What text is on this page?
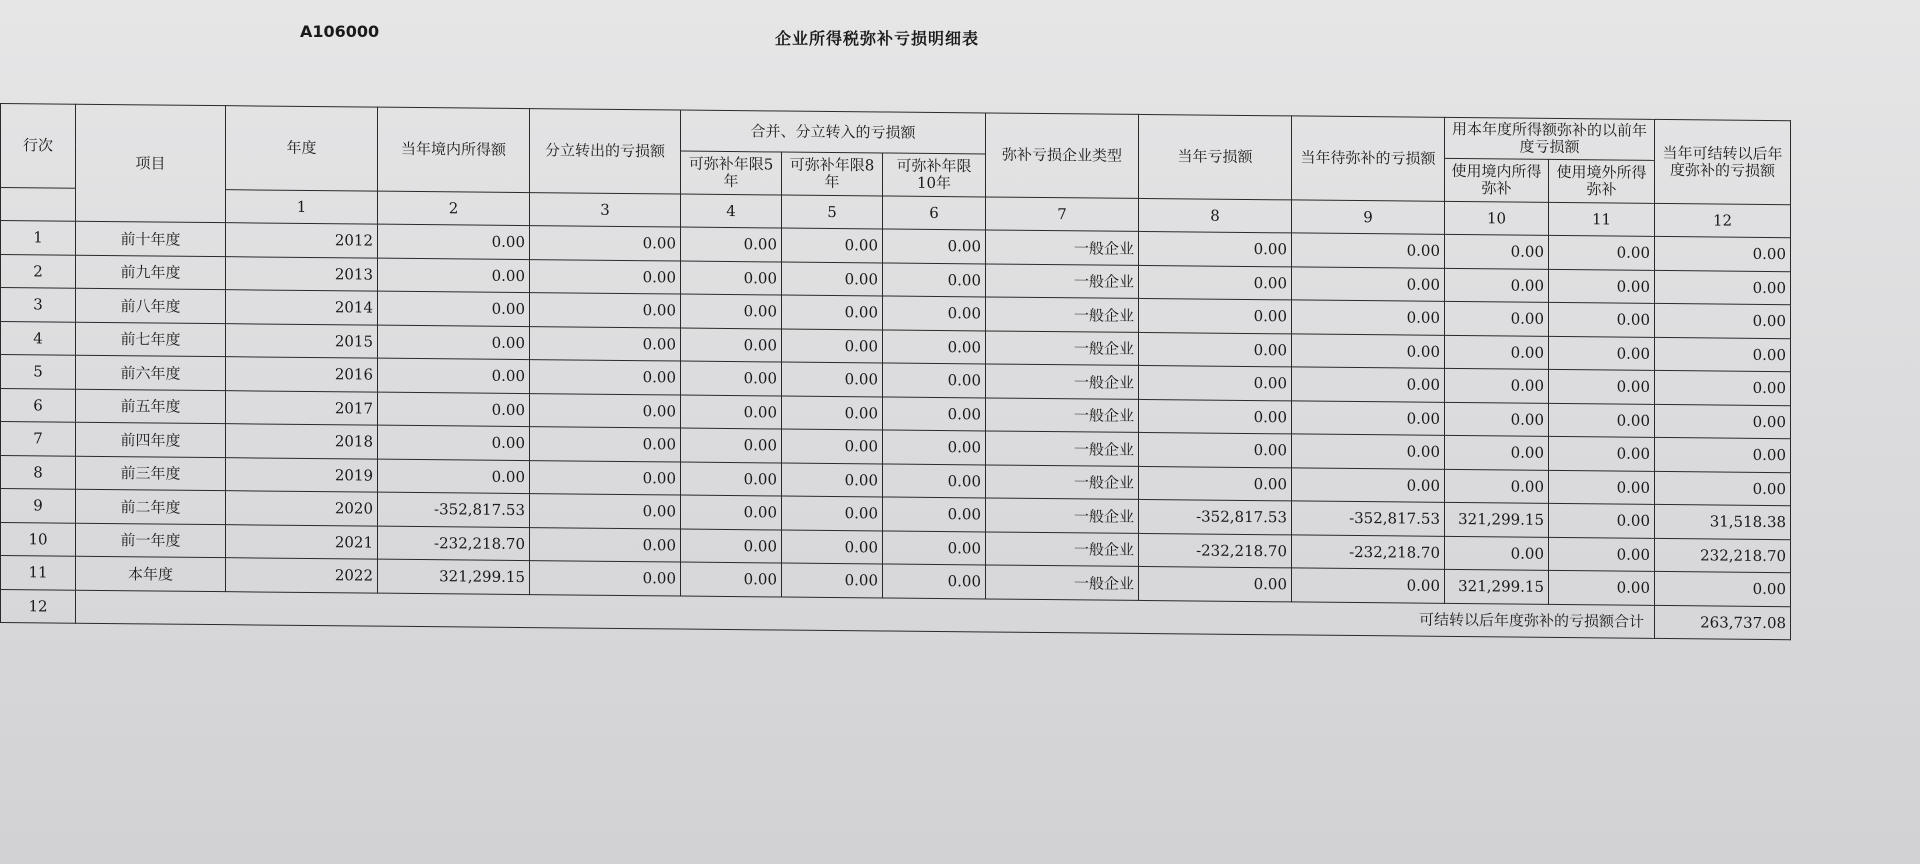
A106000	企业所得税弥补亏损明细表
行次	项目	年度	当年境内所得额	分立转出的亏损额	合并、分立转入的亏损额			弥补亏损企业类型	当年亏损额	当年待弥补的亏损额	用本年度所得额弥补的以前年度亏损额		当年可结转以后年度弥补的亏损额
					可弥补年限5年	可弥补年限8年	可弥补年限10年				使用境内所得弥补	使用境外所得弥补	
		1	2	3	4	5	6	7	8	9	10	11	12
1	前十年度	2012	0.00	0.00	0.00	0.00	0.00	一般企业	0.00	0.00	0.00	0.00	0.00
2	前九年度	2013	0.00	0.00	0.00	0.00	0.00	一般企业	0.00	0.00	0.00	0.00	0.00
3	前八年度	2014	0.00	0.00	0.00	0.00	0.00	一般企业	0.00	0.00	0.00	0.00	0.00
4	前七年度	2015	0.00	0.00	0.00	0.00	0.00	一般企业	0.00	0.00	0.00	0.00	0.00
5	前六年度	2016	0.00	0.00	0.00	0.00	0.00	一般企业	0.00	0.00	0.00	0.00	0.00
6	前五年度	2017	0.00	0.00	0.00	0.00	0.00	一般企业	0.00	0.00	0.00	0.00	0.00
7	前四年度	2018	0.00	0.00	0.00	0.00	0.00	一般企业	0.00	0.00	0.00	0.00	0.00
8	前三年度	2019	0.00	0.00	0.00	0.00	0.00	一般企业	0.00	0.00	0.00	0.00	0.00
9	前二年度	2020	-352,817.53	0.00	0.00	0.00	0.00	一般企业	-352,817.53	-352,817.53	321,299.15	0.00	31,518.38
10	前一年度	2021	-232,218.70	0.00	0.00	0.00	0.00	一般企业	-232,218.70	-232,218.70	0.00	0.00	232,218.70
11	本年度	2022	321,299.15	0.00	0.00	0.00	0.00	一般企业	0.00	0.00	321,299.15	0.00	0.00
12	可结转以后年度弥补的亏损额合计												263,737.08
